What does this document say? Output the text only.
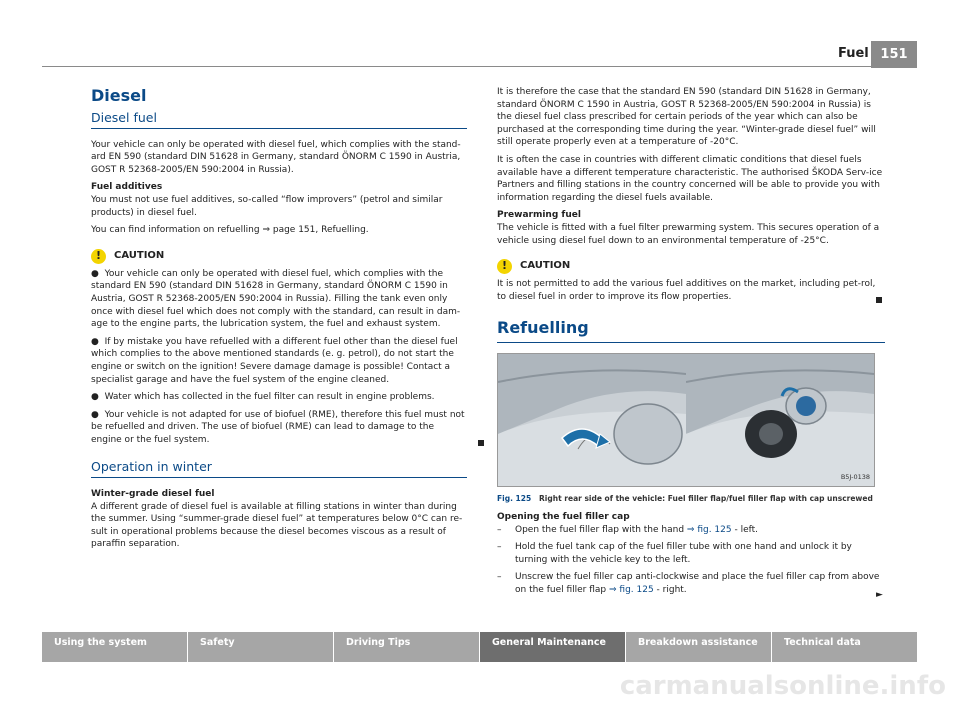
Fuel 151
Diesel
Diesel fuel

Your vehicle can only be operated with diesel fuel, which complies with the stand-ard EN 590 (standard DIN 51628 in Germany, standard ÖNORM C 1590 in Austria, GOST R 52368-2005/EN 590:2004 in Russia).

Fuel additives

You must not use fuel additives, so-called “flow improvers” (petrol and similar products) in diesel fuel.

You can find information on refuelling ⇒ page 151, Refuelling.

!	CAUTION

● Your vehicle can only be operated with diesel fuel, which complies with the standard EN 590 (standard DIN 51628 in Germany, standard ÖNORM C 1590 in Austria, GOST R 52368-2005/EN 590:2004 in Russia). Filling the tank even only once with diesel fuel which does not comply with the standard, can result in dam-age to the engine parts, the lubrication system, the fuel and exhaust system.

● If by mistake you have refuelled with a different fuel other than the diesel fuel which complies to the above mentioned standards (e. g. petrol), do not start the engine or switch on the ignition! Severe damage damage is possible! Contact a specialist garage and have the fuel system of the engine cleaned.

● Water which has collected in the fuel filter can result in engine problems.

● Your vehicle is not adapted for use of biofuel (RME), therefore this fuel must not be refuelled and driven. The use of biofuel (RME) can lead to damage to the engine or the fuel system.

Operation in winter

Winter-grade diesel fuel

A different grade of diesel fuel is available at filling stations in winter than during the summer. Using “summer-grade diesel fuel” at temperatures below 0°C can re-sult in operational problems because the diesel becomes viscous as a result of paraffin separation.

It is therefore the case that the standard EN 590 (standard DIN 51628 in Germany, standard ÖNORM C 1590 in Austria, GOST R 52368-2005/EN 590:2004 in Russia) is the diesel fuel class prescribed for certain periods of the year which can also be purchased at the corresponding time during the year. “Winter-grade diesel fuel” will still operate properly even at a temperature of -20°C.

It is often the case in countries with different climatic conditions that diesel fuels available have a different temperature characteristic. The authorised ŠKODA Serv-ice Partners and filling stations in the country concerned will be able to provide you with information regarding the diesel fuels available.

Prewarming fuel

The vehicle is fitted with a fuel filter prewarming system. This secures operation of a vehicle using diesel fuel down to an environmental temperature of -25°C.

!	CAUTION

It is not permitted to add the various fuel additives on the market, including pet-rol, to diesel fuel in order to improve its flow properties.

Refuelling
B5J-0138

Fig. 125 Right rear side of the vehicle: Fuel filler flap/fuel filler flap with cap unscrewed

Opening the fuel filler cap

–	Open the fuel filler flap with the hand ⇒ fig. 125 - left.
–	Hold the fuel tank cap of the fuel filler tube with one hand and unlock it by turning with the vehicle key to the left.
–	Unscrew the fuel filler cap anti-clockwise and place the fuel filler cap from above on the fuel filler flap ⇒ fig. 125 - right.
►
Using the system	Safety	Driving Tips	General Maintenance	Breakdown assistance	Technical data
carmanualsonline.info
